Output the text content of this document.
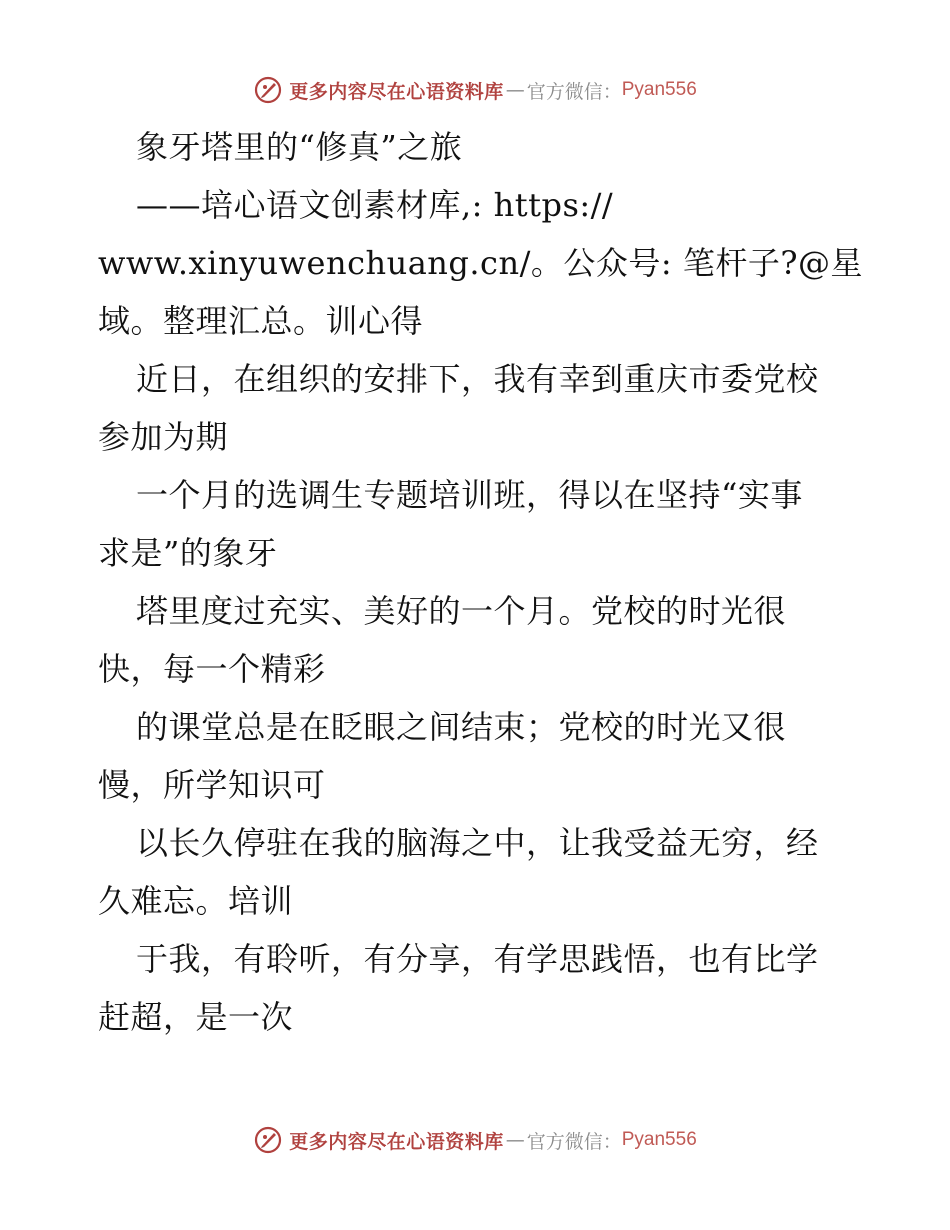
更多内容尽在心语资料库 — 官方微信： Pyan556
象牙塔里的“修真”之旅
——培心语文创素材库,: https://
www.xinyuwenchuang.cn/。公众号: 笔杆子?@星
域。整理汇总。训心得
近日，在组织的安排下，我有幸到重庆市委党校
参加为期
一个月的选调生专题培训班，得以在坚持“实事
求是”的象牙
塔里度过充实、美好的一个月。党校的时光很
快，每一个精彩
的课堂总是在眨眼之间结束；党校的时光又很
慢，所学知识可
以长久停驻在我的脑海之中，让我受益无穷，经
久难忘。培训
于我，有聆听，有分享，有学思践悟，也有比学
赶超，是一次
更多内容尽在心语资料库 — 官方微信： Pyan556
